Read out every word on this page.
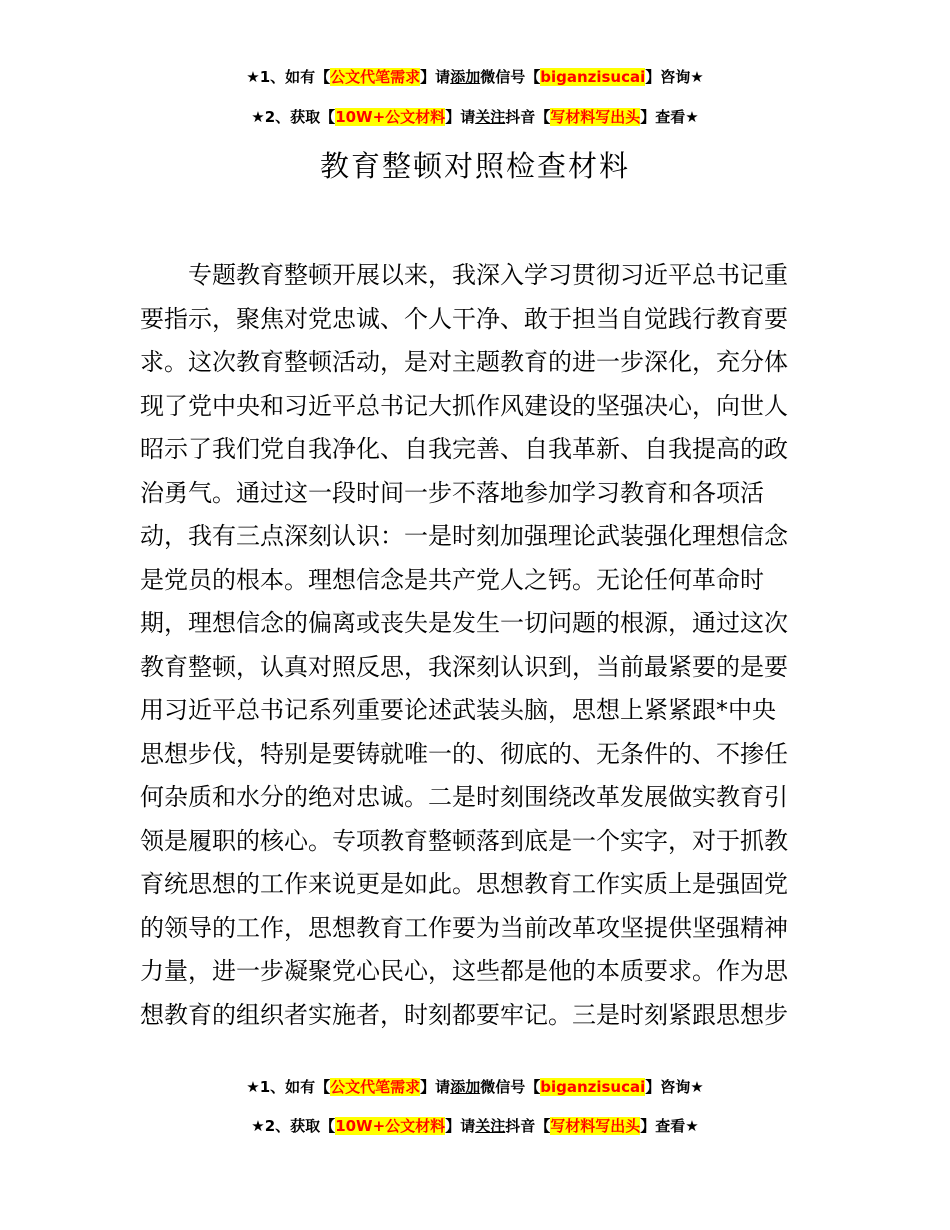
★1、如有【公文代笔需求】请添加微信号【biganzisucai】咨询★
★2、获取【10W+公文材料】请关注抖音【写材料写出头】查看★
教育整顿对照检查材料
专题教育整顿开展以来，我深入学习贯彻习近平总书记重
要指示，聚焦对党忠诚、个人干净、敢于担当自觉践行教育要
求。这次教育整顿活动，是对主题教育的进一步深化，充分体
现了党中央和习近平总书记大抓作风建设的坚强决心，向世人
昭示了我们党自我净化、自我完善、自我革新、自我提高的政
治勇气。通过这一段时间一步不落地参加学习教育和各项活
动，我有三点深刻认识：一是时刻加强理论武装强化理想信念
是党员的根本。理想信念是共产党人之钙。无论任何革命时
期，理想信念的偏离或丧失是发生一切问题的根源，通过这次
教育整顿，认真对照反思，我深刻认识到，当前最紧要的是要
用习近平总书记系列重要论述武装头脑，思想上紧紧跟*中央
思想步伐，特别是要铸就唯一的、彻底的、无条件的、不掺任
何杂质和水分的绝对忠诚。二是时刻围绕改革发展做实教育引
领是履职的核心。专项教育整顿落到底是一个实字，对于抓教
育统思想的工作来说更是如此。思想教育工作实质上是强固党
的领导的工作，思想教育工作要为当前改革攻坚提供坚强精神
力量，进一步凝聚党心民心，这些都是他的本质要求。作为思
想教育的组织者实施者，时刻都要牢记。三是时刻紧跟思想步
★1、如有【公文代笔需求】请添加微信号【biganzisucai】咨询★
★2、获取【10W+公文材料】请关注抖音【写材料写出头】查看★
